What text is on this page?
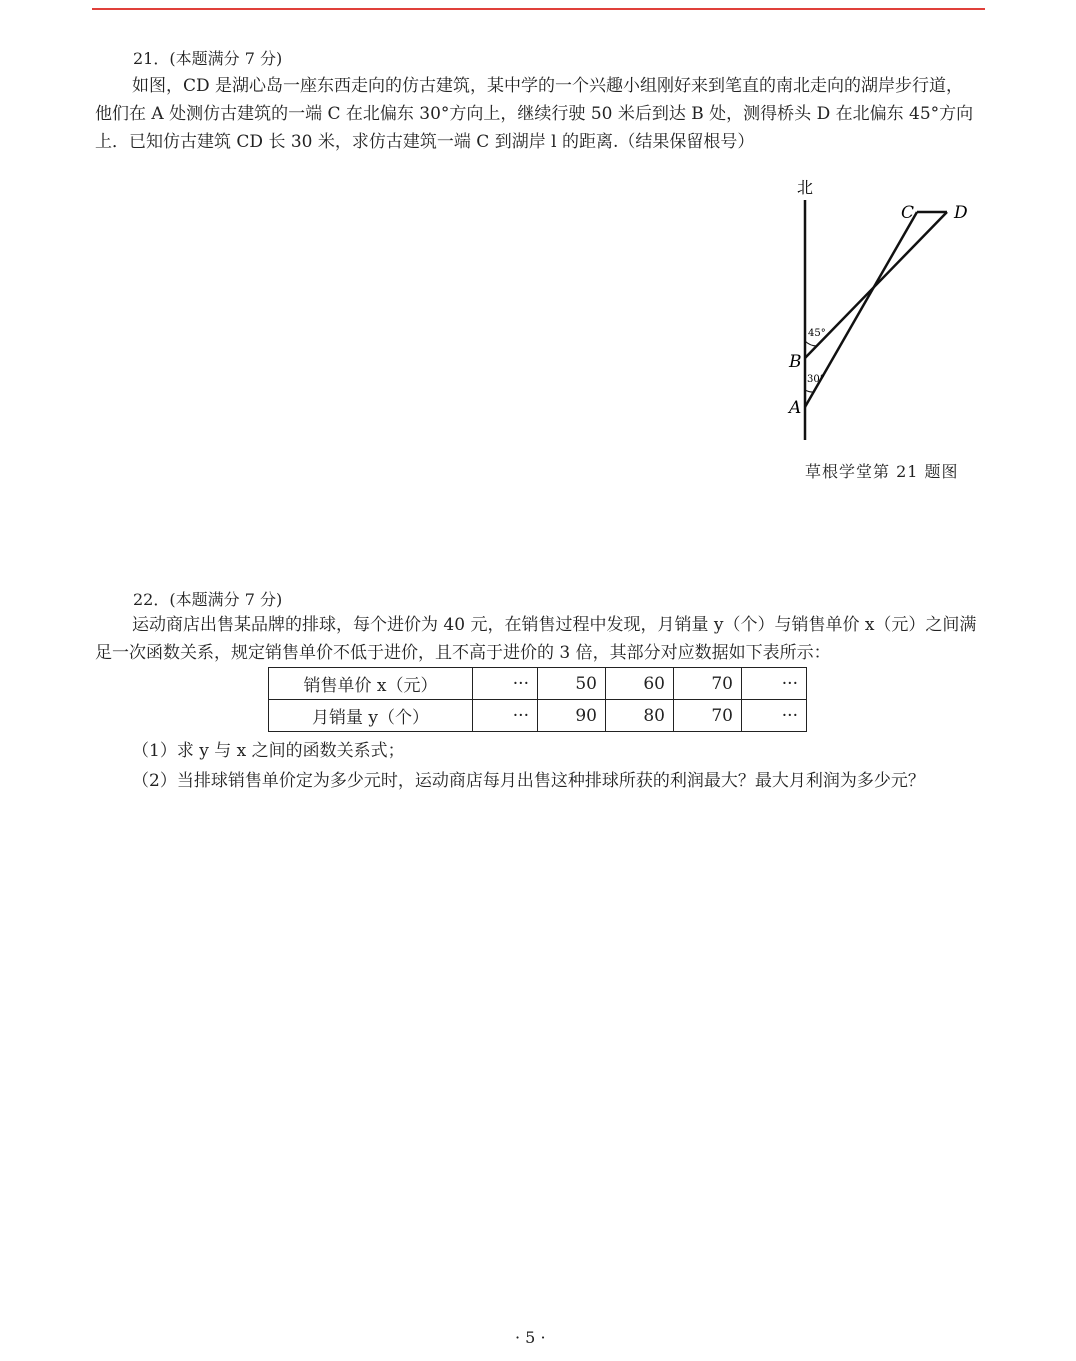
21．(本题满分 7 分)

如图，CD 是湖心岛一座东西走向的仿古建筑，某中学的一个兴趣小组刚好来到笔直的南北走向的湖岸步行道，他们在 A 处测仿古建筑的一端 C 在北偏东 30°方向上，继续行驶 50 米后到达 B 处，测得桥头 D 在北偏东 45°方向上．已知仿古建筑 CD 长 30 米，求仿古建筑一端 C 到湖岸 l 的距离.（结果保留根号）

北
C D
B
A
45°
30°
草根学堂第 21 题图
22．(本题满分 7 分)

运动商店出售某品牌的排球，每个进价为 40 元，在销售过程中发现，月销量 y（个）与销售单价 x（元）之间满足一次函数关系，规定销售单价不低于进价，且不高于进价的 3 倍，其部分对应数据如下表所示：

销售单价 x（元）	···	50	60	70	···
月销量 y（个）	···	90	80	70	···

（1）求 y 与 x 之间的函数关系式；

（2）当排球销售单价定为多少元时，运动商店每月出售这种排球所获的利润最大？最大月利润为多少元？

· 5 ·
